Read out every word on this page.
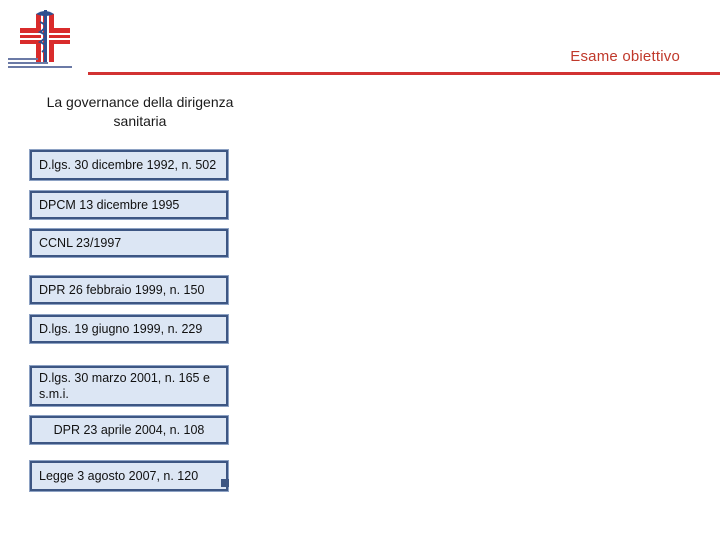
Esame obiettivo
La governance della dirigenza sanitaria
D.lgs. 30 dicembre 1992, n. 502
DPCM 13 dicembre 1995
CCNL 23/1997
DPR 26 febbraio 1999, n. 150
D.lgs. 19 giugno 1999, n. 229
D.lgs. 30 marzo 2001, n. 165 e s.m.i.
DPR 23 aprile 2004, n. 108
Legge 3 agosto 2007, n. 120
